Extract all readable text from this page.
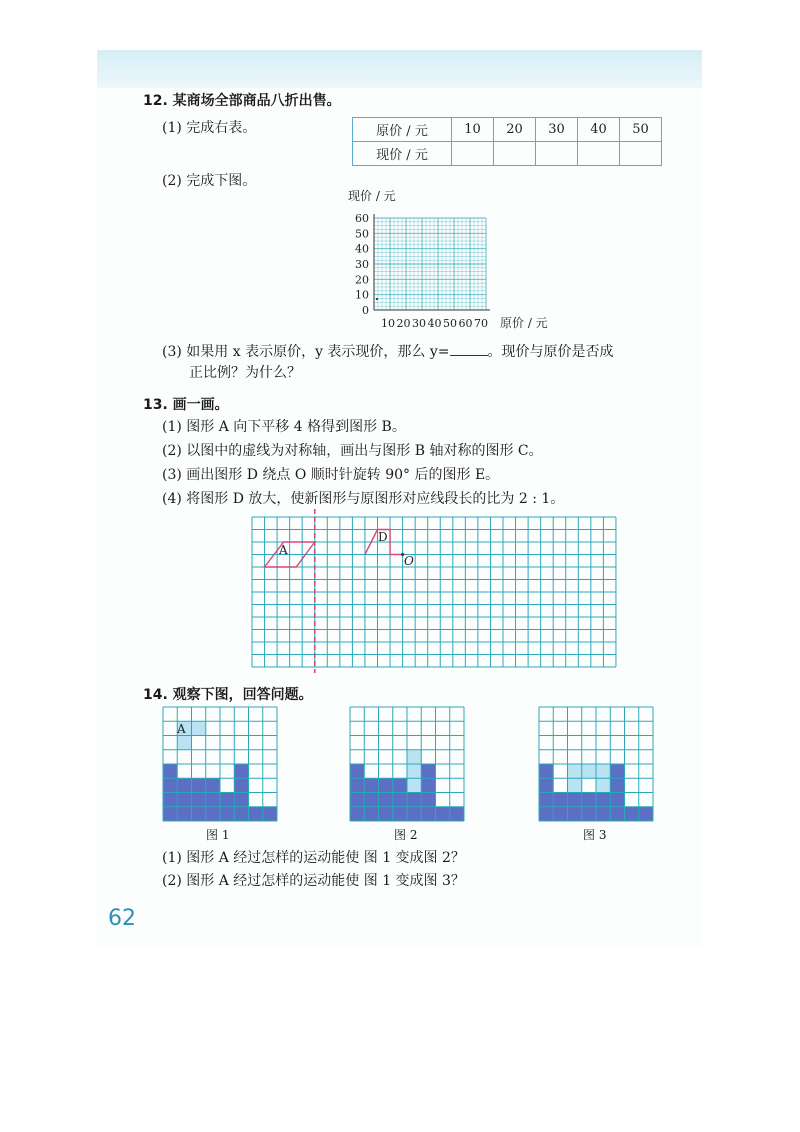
12. 某商场全部商品八折出售。
(1) 完成右表。	原价 / 元	10	20	30	40	50
现价 / 元					
(2) 完成下图。
现价 / 元
60
50
40
30
20
10
0
10 20 30 40 50 60 70 原价 / 元
(3) 如果用 x 表示原价，y 表示现价，那么 y=	。现价与原价是否成
正比例？为什么？
13. 画一画。
(1) 图形 A 向下平移 4 格得到图形 B。
(2) 以图中的虚线为对称轴，画出与图形 B 轴对称的图形 C。
(3) 画出图形 D 绕点 O 顺时针旋转 90° 后的图形 E。
(4) 将图形 D 放大，使新图形与原图形对应线段长的比为 2 : 1。
A
D
O
14. 观察下图，回答问题。
A
图 1	图 2	图 3
(1) 图形 A 经过怎样的运动能使 图 1 变成图 2？
(2) 图形 A 经过怎样的运动能使 图 1 变成图 3？
62
